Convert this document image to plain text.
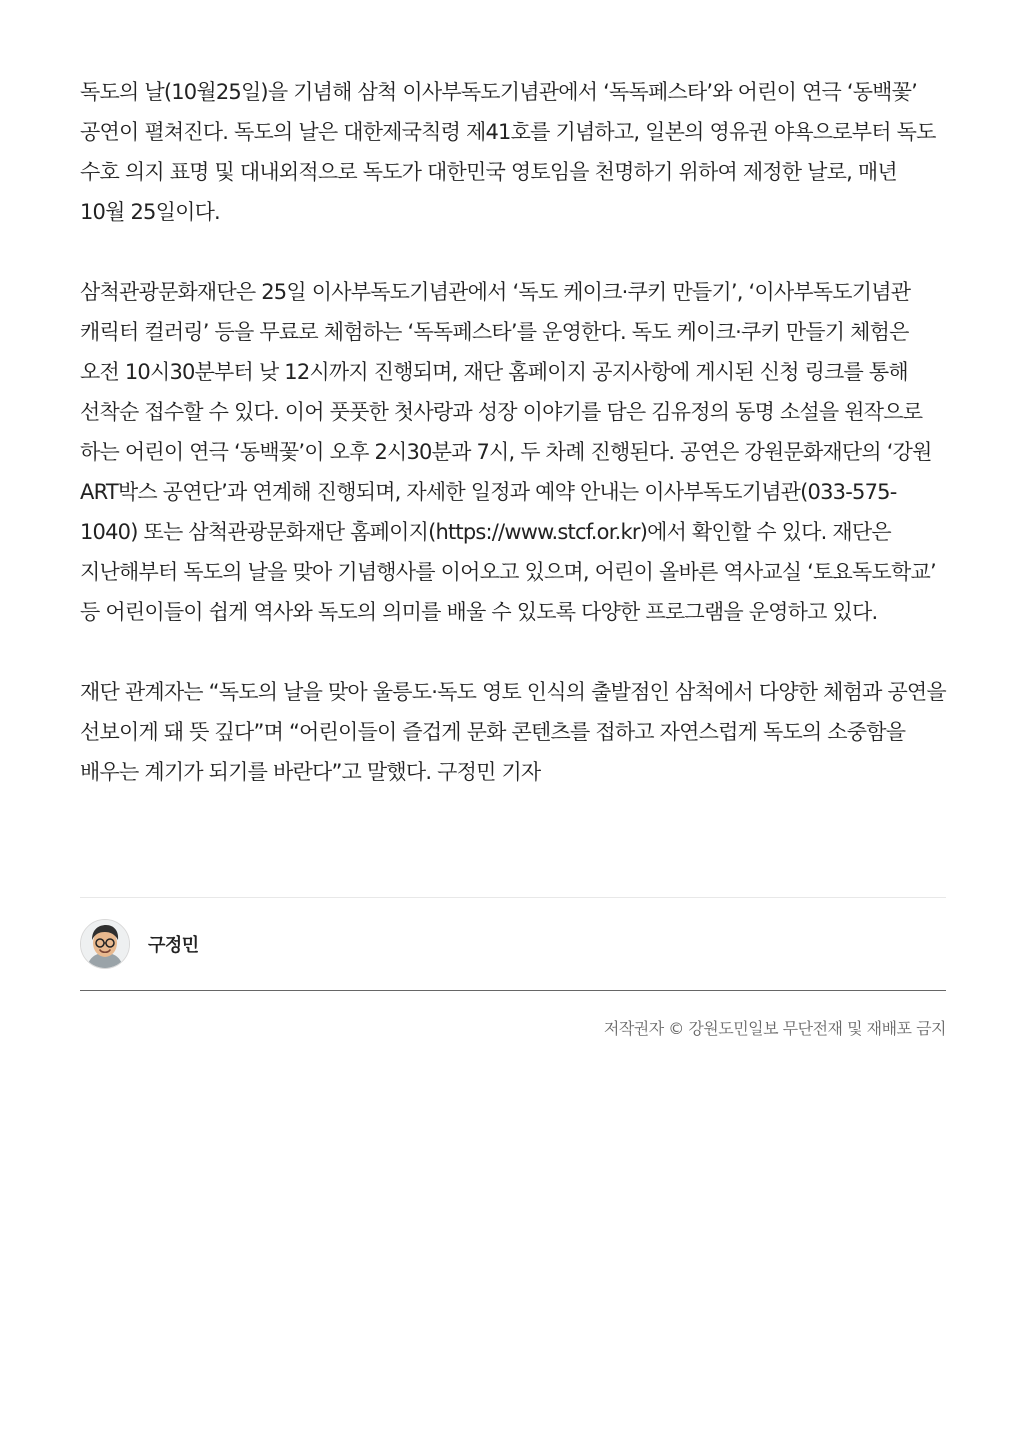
독도의 날(10월25일)을 기념해 삼척 이사부독도기념관에서 ‘독독페스타’와 어린이 연극 ‘동백꽃’ 공연이 펼쳐진다. 독도의 날은 대한제국칙령 제41호를 기념하고, 일본의 영유권 야욕으로부터 독도 수호 의지 표명 및 대내외적으로 독도가 대한민국 영토임을 천명하기 위하여 제정한 날로, 매년 10월 25일이다.

삼척관광문화재단은 25일 이사부독도기념관에서 ‘독도 케이크·쿠키 만들기’, ‘이사부독도기념관 캐릭터 컬러링’ 등을 무료로 체험하는 ‘독독페스타’를 운영한다. 독도 케이크·쿠키 만들기 체험은 오전 10시30분부터 낮 12시까지 진행되며, 재단 홈페이지 공지사항에 게시된 신청 링크를 통해 선착순 접수할 수 있다. 이어 풋풋한 첫사랑과 성장 이야기를 담은 김유정의 동명 소설을 원작으로 하는 어린이 연극 ‘동백꽃’이 오후 2시30분과 7시, 두 차례 진행된다. 공연은 강원문화재단의 ‘강원 ART박스 공연단’과 연계해 진행되며, 자세한 일정과 예약 안내는 이사부독도기념관(033-575-1040) 또는 삼척관광문화재단 홈페이지(https://www.stcf.or.kr)에서 확인할 수 있다. 재단은 지난해부터 독도의 날을 맞아 기념행사를 이어오고 있으며, 어린이 올바른 역사교실 ‘토요독도학교’ 등 어린이들이 쉽게 역사와 독도의 의미를 배울 수 있도록 다양한 프로그램을 운영하고 있다.

재단 관계자는 “독도의 날을 맞아 울릉도·독도 영토 인식의 출발점인 삼척에서 다양한 체험과 공연을 선보이게 돼 뜻 깊다”며 “어린이들이 즐겁게 문화 콘텐츠를 접하고 자연스럽게 독도의 소중함을 배우는 계기가 되기를 바란다”고 말했다. 구정민 기자

구정민
저작권자 © 강원도민일보 무단전재 및 재배포 금지
